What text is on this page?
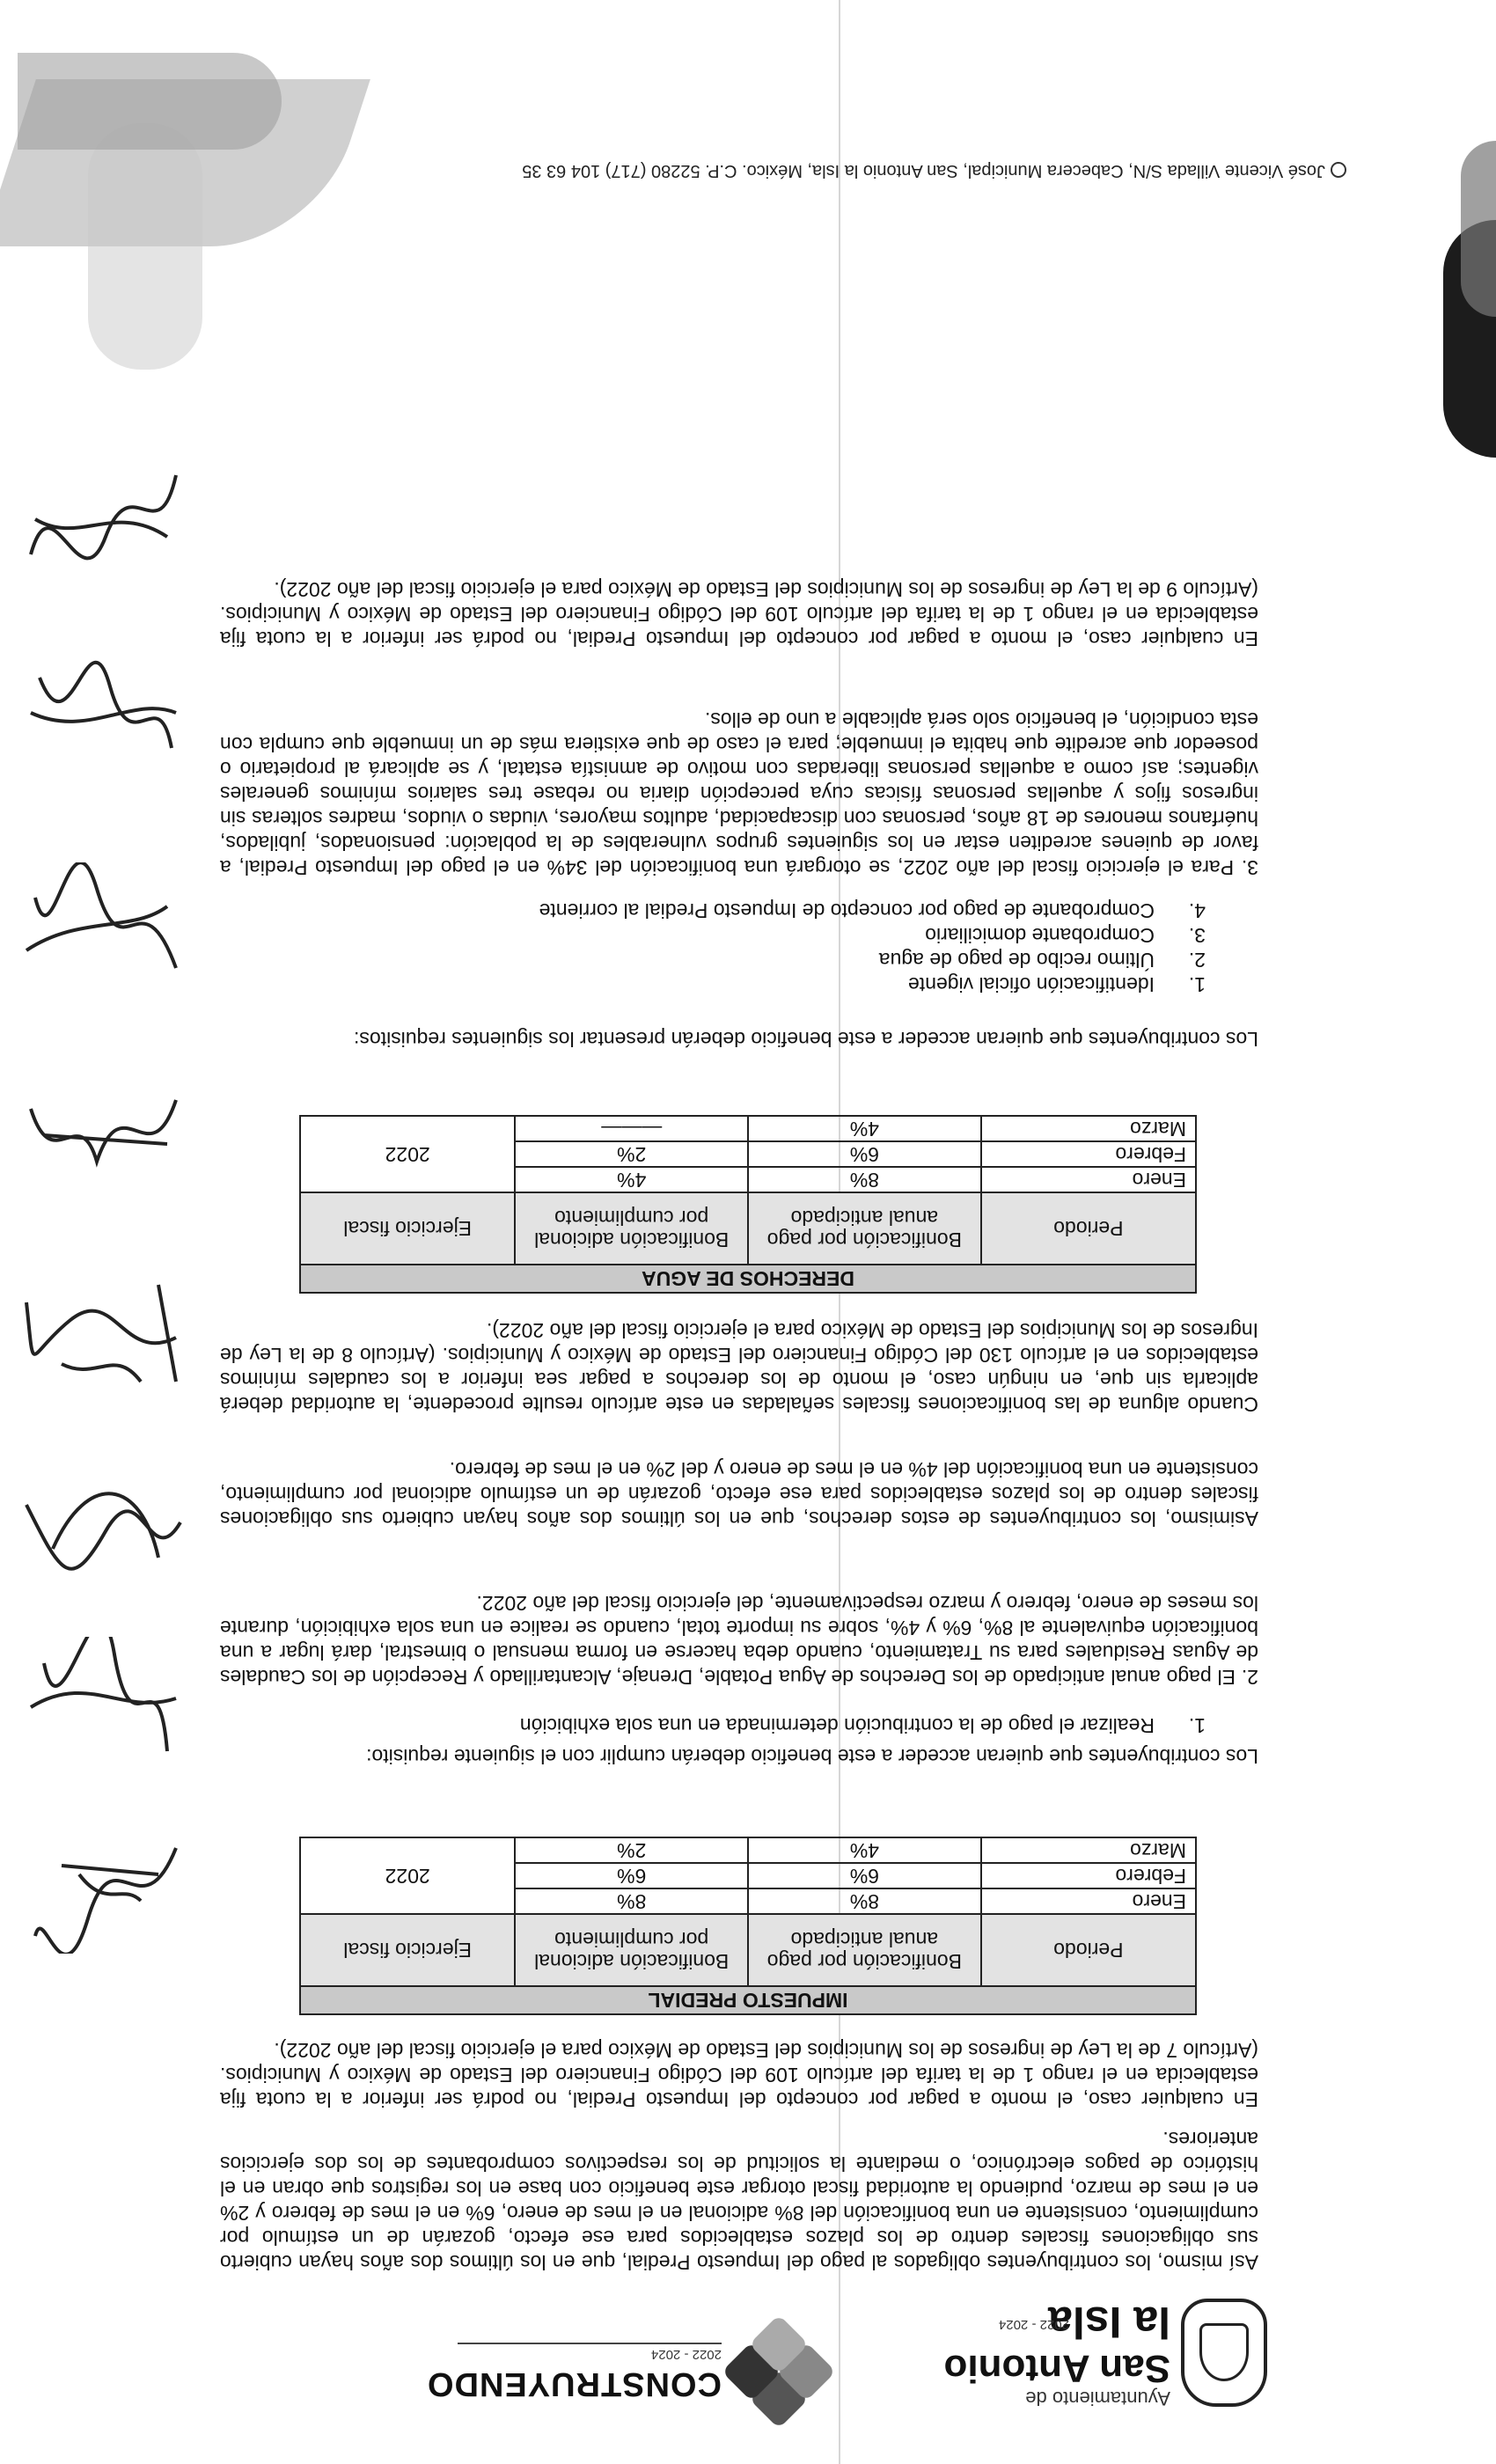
Ayuntamiento de
San Antonio
la Isla
2022 - 2024
CONSTRUYENDO
2022 - 2024
Así mismo, los contribuyentes obligados al pago del Impuesto Predial, que en los últimos dos años hayan cubierto sus obligaciones fiscales dentro de los plazos establecidos para ese efecto, gozarán de un estímulo por cumplimiento, consistente en una bonificación del 8% adicional en el mes de enero, 6% en el mes de febrero y 2% en el mes de marzo, pudiendo la autoridad fiscal otorgar este beneficio con base en los registros que obran en el histórico de pagos electrónico, o mediante la solicitud de los respectivos comprobantes de los dos ejercicios anteriores.
En cualquier caso, el monto a pagar por concepto del Impuesto Predial, no podrá ser inferior a la cuota fija establecida en el rango 1 de la tarifa del artículo 109 del Código Financiero del Estado de México y Municipios. (Artículo 7 de la Ley de ingresos de los Municipios del Estado de México para el ejercicio fiscal del año 2022).
IMPUESTO PREDIAL			
Periodo	Bonificación por pago anual anticipado	Bonificación adicional por cumplimiento	Ejercicio fiscal
Enero	8%	8%	2022
Febrero	6%	6%	
Marzo	4%	2%	
Los contribuyentes que quieran acceder a este beneficio deberán cumplir con el siguiente requisito:
1.Realizar el pago de la contribución determinada en una sola exhibición
2. El pago anual anticipado de los Derechos de Agua Potable, Drenaje, Alcantarillado y Recepción de los Caudales de Aguas Residuales para su Tratamiento, cuando deba hacerse en forma mensual o bimestral, dará lugar a una bonificación equivalente al 8%, 6% y 4%, sobre su importe total, cuando se realice en una sola exhibición, durante los meses de enero, febrero y marzo respectivamente, del ejercicio fiscal del año 2022.
Asimismo, los contribuyentes de estos derechos, que en los últimos dos años hayan cubierto sus obligaciones fiscales dentro de los plazos establecidos para ese efecto, gozarán de un estímulo adicional por cumplimiento, consistente en una bonificación del 4% en el mes de enero y del 2% en el mes de febrero.
Cuando alguna de las bonificaciones fiscales señaladas en este artículo resulte procedente, la autoridad deberá aplicarla sin que, en ningún caso, el monto de los derechos a pagar sea inferior a los caudales mínimos establecidos en el artículo 130 del Código Financiero del Estado de México y Municipios. (Artículo 8 de la Ley de Ingresos de los Municipios del Estado de México para el ejercicio fiscal del año 2022).
DERECHOS DE AGUA			
Periodo	Bonificación por pago anual anticipado	Bonificación adicional por cumplimiento	Ejercicio fiscal
Enero	8%	4%	2022
Febrero	6%	2%	
Marzo	4%	———	
Los contribuyentes que quieran acceder a este beneficio deberán presentar los siguientes requisitos:
1.Identificación oficial vigente
2.Último recibo de pago de agua
3.Comprobante domiciliario
4.Comprobante de pago por concepto de Impuesto Predial al corriente
3. Para el ejercicio fiscal del año 2022, se otorgará una bonificación del 34% en el pago del Impuesto Predial, a favor de quienes acrediten estar en los siguientes grupos vulnerables de la población: pensionados, jubilados, huérfanos menores de 18 años, personas con discapacidad, adultos mayores, viudas o viudos, madres solteras sin ingresos fijos y aquellas personas físicas cuya percepción diaria no rebase tres salarios mínimos generales vigentes; así como a aquellas personas liberadas con motivo de amnistía estatal, y se aplicará al propietario o poseedor que acredite que habita el inmueble; para el caso de que existiera más de un inmueble que cumpla con esta condición, el beneficio solo será aplicable a uno de ellos.
En cualquier caso, el monto a pagar por concepto del Impuesto Predial, no podrá ser inferior a la cuota fija establecida en el rango 1 de la tarifa del artículo 109 del Código Financiero del Estado de México y Municipios. (Artículo 9 de la Ley de ingresos de los Municipios del Estado de México para el ejercicio fiscal del año 2022).
José Vicente Villada S/N, Cabecera Municipal, San Antonio la Isla, México. C.P. 52280 (717) 104 63 35
